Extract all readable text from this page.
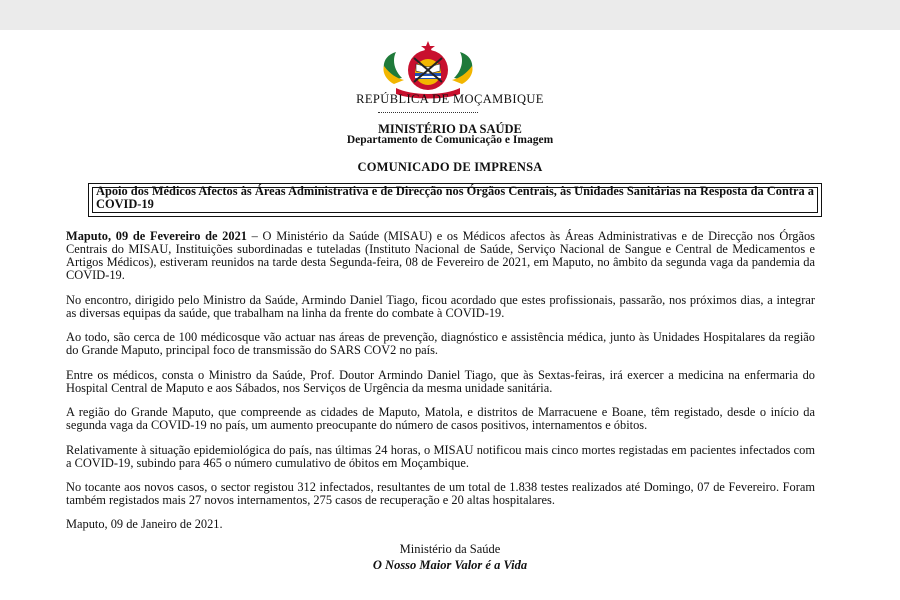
REPÚBLICA DE MOÇAMBIQUE
MINISTÉRIO DA SAÚDE
Departamento de Comunicação e Imagem
COMUNICADO DE IMPRENSA
Apoio dos Médicos Afectos às Áreas Administrativa e de Direcção nos Órgãos Centrais, às Unidades Sanitárias na Resposta da Contra a COVID-19

Maputo, 09 de Fevereiro de 2021 – O Ministério da Saúde (MISAU) e os Médicos afectos às Áreas Administrativas e de Direcção nos Órgãos Centrais do MISAU, Instituições subordinadas e tuteladas (Instituto Nacional de Saúde, Serviço Nacional de Sangue e Central de Medicamentos e Artigos Médicos), estiveram reunidos na tarde desta Segunda-feira, 08 de Fevereiro de 2021, em Maputo, no âmbito da segunda vaga da pandemia da COVID-19.

No encontro, dirigido pelo Ministro da Saúde, Armindo Daniel Tiago, ficou acordado que estes profissionais, passarão, nos próximos dias, a integrar as diversas equipas da saúde, que trabalham na linha da frente do combate à COVID-19.

Ao todo, são cerca de 100 médicosque vão actuar nas áreas de prevenção, diagnóstico e assistência médica, junto às Unidades Hospitalares da região do Grande Maputo, principal foco de transmissão do SARS COV2 no país.

Entre os médicos, consta o Ministro da Saúde, Prof. Doutor Armindo Daniel Tiago, que às Sextas-feiras, irá exercer a medicina na enfermaria do Hospital Central de Maputo e aos Sábados, nos Serviços de Urgência da mesma unidade sanitária.

A região do Grande Maputo, que compreende as cidades de Maputo, Matola, e distritos de Marracuene e Boane, têm registado, desde o início da segunda vaga da COVID-19 no país, um aumento preocupante do número de casos positivos, internamentos e óbitos.

Relativamente à situação epidemiológica do país, nas últimas 24 horas, o MISAU notificou mais cinco mortes registadas em pacientes infectados com a COVID-19, subindo para 465 o número cumulativo de óbitos em Moçambique.

No tocante aos novos casos, o sector registou 312 infectados, resultantes de um total de 1.838 testes realizados até Domingo, 07 de Fevereiro. Foram também registados mais 27 novos internamentos, 275 casos de recuperação e 20 altas hospitalares.

Maputo, 09 de Janeiro de 2021.

Ministério da Saúde
O Nosso Maior Valor é a Vida
